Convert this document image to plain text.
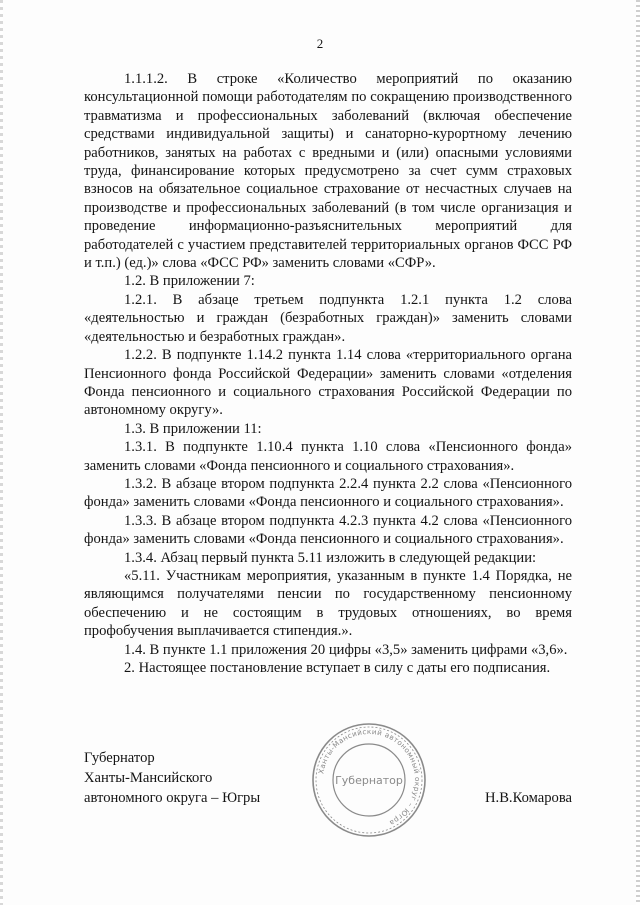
2

1.1.1.2. В строке «Количество мероприятий по оказанию консультационной помощи работодателям по сокращению производственного травматизма и профессиональных заболеваний (включая обеспечение средствами индивидуальной защиты) и санаторно-курортному лечению работников, занятых на работах с вредными и (или) опасными условиями труда, финансирование которых предусмотрено за счет сумм страховых взносов на обязательное социальное страхование от несчастных случаев на производстве и профессиональных заболеваний (в том числе организация и проведение информационно-разъяснительных мероприятий для работодателей с участием представителей территориальных органов ФСС РФ и т.п.) (ед.)» слова «ФСС РФ» заменить словами «СФР».

1.2. В приложении 7:

1.2.1. В абзаце третьем подпункта 1.2.1 пункта 1.2 слова «деятельностью и граждан (безработных граждан)» заменить словами «деятельностью и безработных граждан».

1.2.2. В подпункте 1.14.2 пункта 1.14 слова «территориального органа Пенсионного фонда Российской Федерации» заменить словами «отделения Фонда пенсионного и социального страхования Российской Федерации по автономному округу».

1.3. В приложении 11:

1.3.1. В подпункте 1.10.4 пункта 1.10 слова «Пенсионного фонда» заменить словами «Фонда пенсионного и социального страхования».

1.3.2. В абзаце втором подпункта 2.2.4 пункта 2.2 слова «Пенсионного фонда» заменить словами «Фонда пенсионного и социального страхования».

1.3.3. В абзаце втором подпункта 4.2.3 пункта 4.2 слова «Пенсионного фонда» заменить словами «Фонда пенсионного и социального страхования».

1.3.4. Абзац первый пункта 5.11 изложить в следующей редакции:

«5.11. Участникам мероприятия, указанным в пункте 1.4 Порядка, не являющимся получателями пенсии по государственному пенсионному обеспечению и не состоящим в трудовых отношениях, во время профобучения выплачивается стипендия.».

1.4. В пункте 1.1 приложения 20 цифры «3,5» заменить цифрами «3,6».

2. Настоящее постановление вступает в силу с даты его подписания.

Губернатор
Ханты-Мансийского
автономного округа – Югры
Ханты-Мансийский автономный округ – Югра
Губернатор
Н.В.Комарова
